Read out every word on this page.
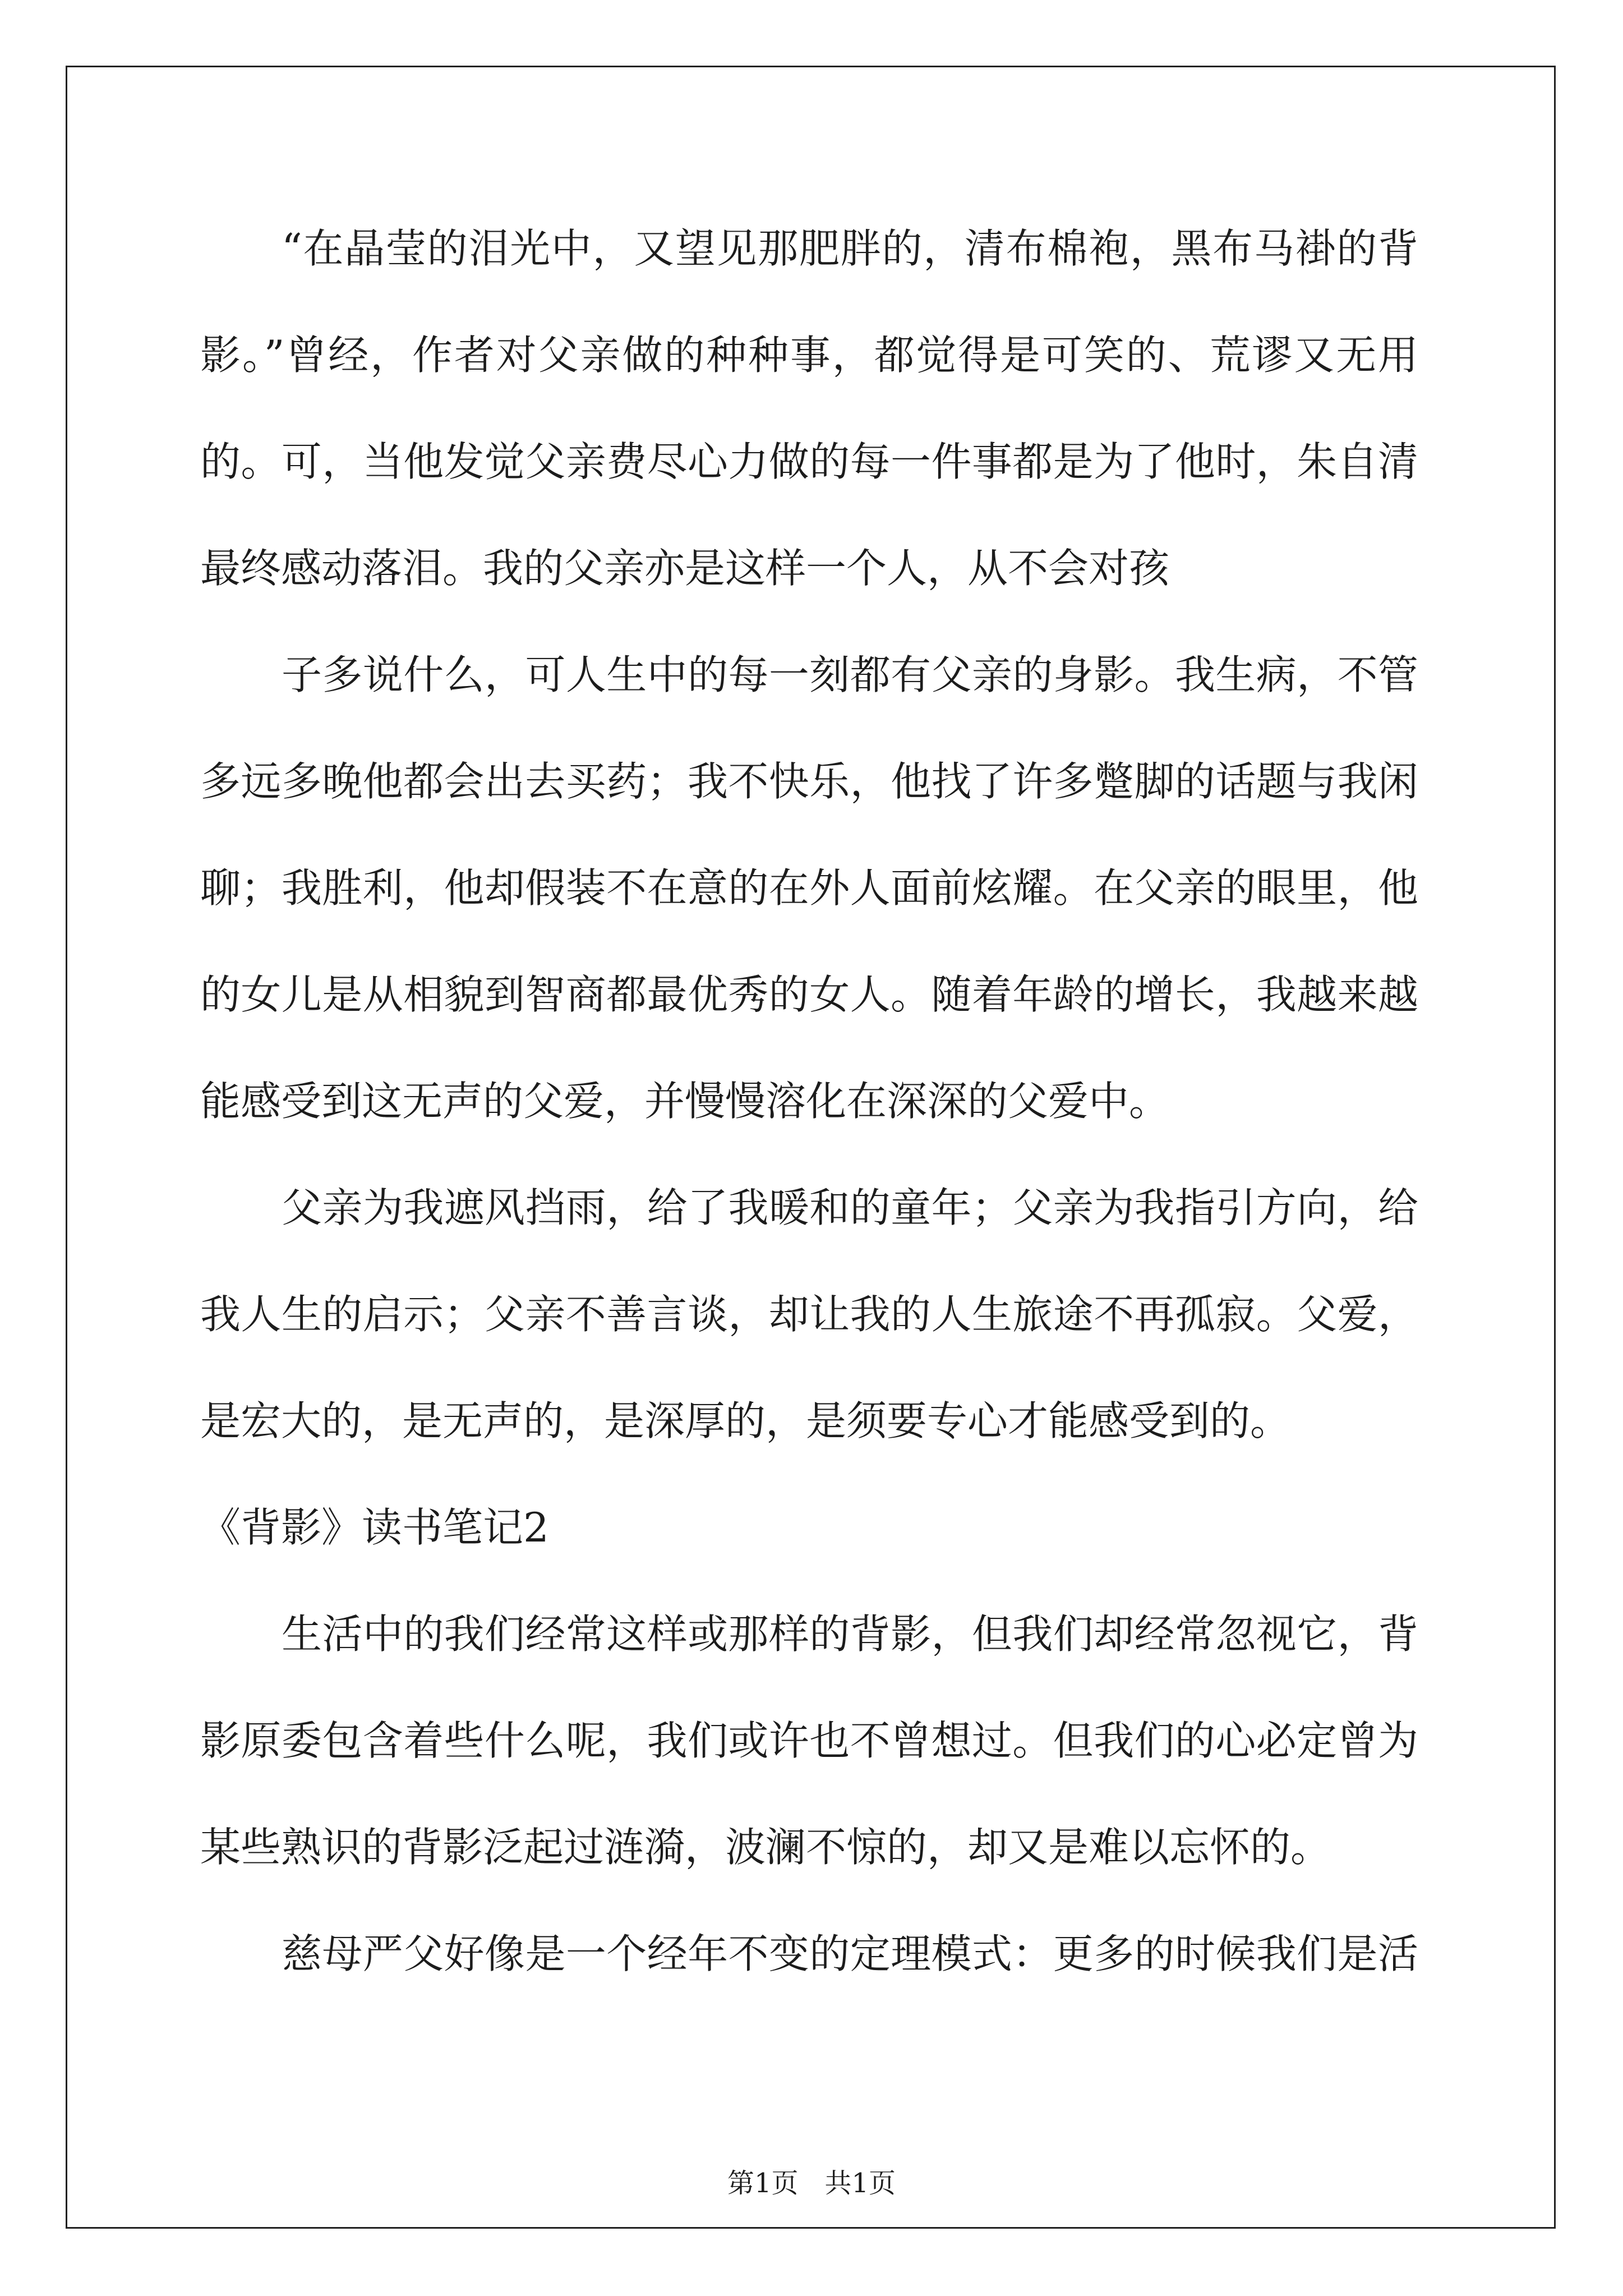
“在晶莹的泪光中，又望见那肥胖的，清布棉袍，黑布马褂的背
影。”曾经，作者对父亲做的种种事，都觉得是可笑的、荒谬又无用
的。可，当他发觉父亲费尽心力做的每一件事都是为了他时，朱自清
最终感动落泪。我的父亲亦是这样一个人，从不会对孩
子多说什么，可人生中的每一刻都有父亲的身影。我生病，不管
多远多晚他都会出去买药；我不快乐，他找了许多蹩脚的话题与我闲
聊；我胜利，他却假装不在意的在外人面前炫耀。在父亲的眼里，他
的女儿是从相貌到智商都最优秀的女人。随着年龄的增长，我越来越
能感受到这无声的父爱，并慢慢溶化在深深的父爱中。
父亲为我遮风挡雨，给了我暖和的童年；父亲为我指引方向，给
我人生的启示；父亲不善言谈，却让我的人生旅途不再孤寂。父爱，
是宏大的，是无声的，是深厚的，是须要专心才能感受到的。
《背影》读书笔记2
生活中的我们经常这样或那样的背影，但我们却经常忽视它，背
影原委包含着些什么呢，我们或许也不曾想过。但我们的心必定曾为
某些熟识的背影泛起过涟漪，波澜不惊的，却又是难以忘怀的。
慈母严父好像是一个经年不变的定理模式：更多的时候我们是活
第1页 共1页
